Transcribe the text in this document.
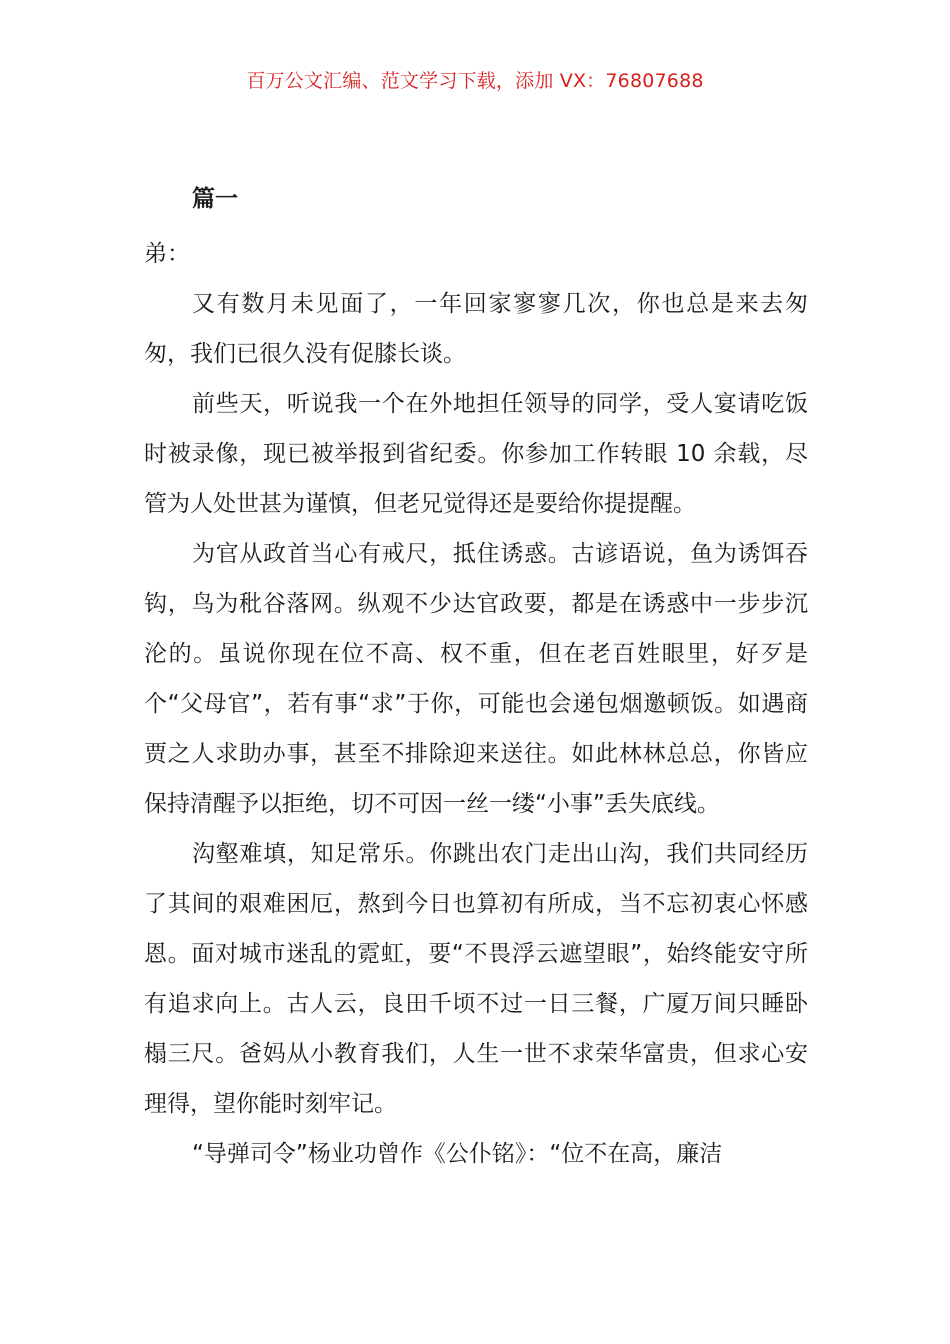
百万公文汇编、范文学习下载，添加 VX：76807688
篇一

弟：

又有数月未见面了，一年回家寥寥几次，你也总是来去匆匆，我们已很久没有促膝长谈。

前些天，听说我一个在外地担任领导的同学，受人宴请吃饭时被录像，现已被举报到省纪委。你参加工作转眼 10 余载，尽管为人处世甚为谨慎，但老兄觉得还是要给你提提醒。

为官从政首当心有戒尺，抵住诱惑。古谚语说，鱼为诱饵吞钩，鸟为秕谷落网。纵观不少达官政要，都是在诱惑中一步步沉沦的。虽说你现在位不高、权不重，但在老百姓眼里，好歹是个“父母官”，若有事“求”于你，可能也会递包烟邀顿饭。如遇商贾之人求助办事，甚至不排除迎来送往。如此林林总总，你皆应保持清醒予以拒绝，切不可因一丝一缕“小事”丢失底线。

沟壑难填，知足常乐。你跳出农门走出山沟，我们共同经历了其间的艰难困厄，熬到今日也算初有所成，当不忘初衷心怀感恩。面对城市迷乱的霓虹，要“不畏浮云遮望眼”，始终能安守所有追求向上。古人云，良田千顷不过一日三餐，广厦万间只睡卧榻三尺。爸妈从小教育我们，人生一世不求荣华富贵，但求心安理得，望你能时刻牢记。

“导弹司令”杨业功曾作《公仆铭》：“位不在高，廉洁
